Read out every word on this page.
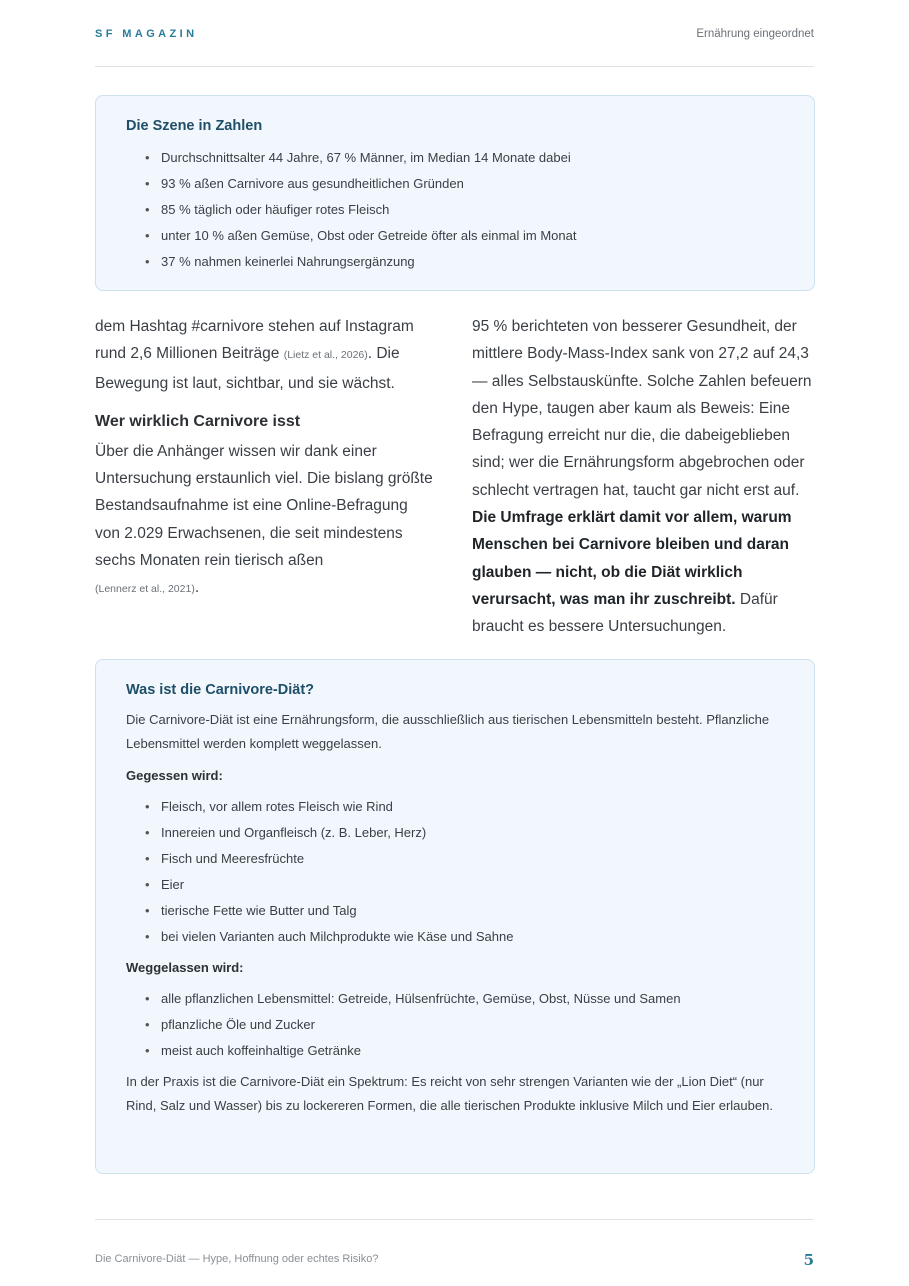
SF MAGAZIN	Ernährung eingeordnet
Die Szene in Zahlen
• Durchschnittsalter 44 Jahre, 67 % Männer, im Median 14 Monate dabei
• 93 % aßen Carnivore aus gesundheitlichen Gründen
• 85 % täglich oder häufiger rotes Fleisch
• unter 10 % aßen Gemüse, Obst oder Getreide öfter als einmal im Monat
• 37 % nahmen keinerlei Nahrungsergänzung

dem Hashtag #carnivore stehen auf Instagram rund 2,6 Millionen Beiträge (Lietz et al., 2026). Die Bewegung ist laut, sichtbar, und sie wächst.

Wer wirklich Carnivore isst

Über die Anhänger wissen wir dank einer Untersuchung erstaunlich viel. Die bislang größte Bestandsaufnahme ist eine Online-Befragung von 2.029 Erwachsenen, die seit mindestens sechs Monaten rein tierisch aßen
(Lennerz et al., 2021).

95 % berichteten von besserer Gesundheit, der mittlere Body-Mass-Index sank von 27,2 auf 24,3 — alles Selbstauskünfte. Solche Zahlen befeuern den Hype, taugen aber kaum als Beweis: Eine Befragung erreicht nur die, die dabeigeblieben sind; wer die Ernährungsform abgebrochen oder schlecht vertragen hat, taucht gar nicht erst auf. Die Umfrage erklärt damit vor allem, warum Menschen bei Carnivore bleiben und daran glauben — nicht, ob die Diät wirklich verursacht, was man ihr zuschreibt. Dafür braucht es bessere Untersuchungen.

Was ist die Carnivore-Diät?

Die Carnivore-Diät ist eine Ernährungsform, die ausschließlich aus tierischen Lebensmitteln besteht. Pflanzliche Lebensmittel werden komplett weggelassen.

Gegessen wird:
• Fleisch, vor allem rotes Fleisch wie Rind
• Innereien und Organfleisch (z. B. Leber, Herz)
• Fisch und Meeresfrüchte
• Eier
• tierische Fette wie Butter und Talg
• bei vielen Varianten auch Milchprodukte wie Käse und Sahne
Weggelassen wird:
• alle pflanzlichen Lebensmittel: Getreide, Hülsenfrüchte, Gemüse, Obst, Nüsse und Samen
• pflanzliche Öle und Zucker
• meist auch koffeinhaltige Getränke

In der Praxis ist die Carnivore-Diät ein Spektrum: Es reicht von sehr strengen Varianten wie der „Lion Diet“ (nur Rind, Salz und Wasser) bis zu lockereren Formen, die alle tierischen Produkte inklusive Milch und Eier erlauben.

Die Carnivore-Diät — Hype, Hoffnung oder echtes Risiko?	5
